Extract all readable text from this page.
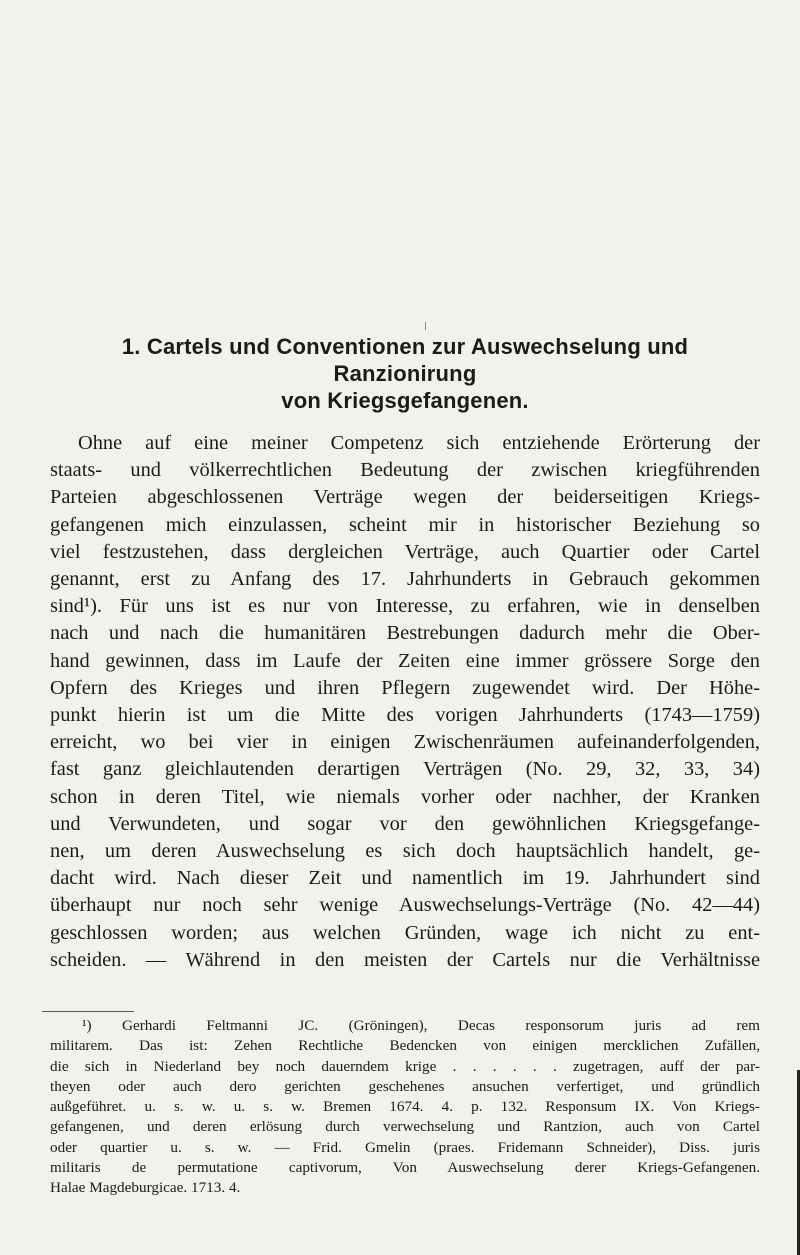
1. Cartels und Conventionen zur Auswechselung und Ranzionirung
von Kriegsgefangenen.
Ohne auf eine meiner Competenz sich entziehende Erörterung der
staats- und völkerrechtlichen Bedeutung der zwischen kriegführenden
Parteien abgeschlossenen Verträge wegen der beiderseitigen Kriegs-
gefangenen mich einzulassen, scheint mir in historischer Beziehung so
viel festzustehen, dass dergleichen Verträge, auch Quartier oder Cartel
genannt, erst zu Anfang des 17. Jahrhunderts in Gebrauch gekommen
sind¹). Für uns ist es nur von Interesse, zu erfahren, wie in denselben
nach und nach die humanitären Bestrebungen dadurch mehr die Ober-
hand gewinnen, dass im Laufe der Zeiten eine immer grössere Sorge den
Opfern des Krieges und ihren Pflegern zugewendet wird. Der Höhe-
punkt hierin ist um die Mitte des vorigen Jahrhunderts (1743—1759)
erreicht, wo bei vier in einigen Zwischenräumen aufeinanderfolgenden,
fast ganz gleichlautenden derartigen Verträgen (No. 29, 32, 33, 34)
schon in deren Titel, wie niemals vorher oder nachher, der Kranken
und Verwundeten, und sogar vor den gewöhnlichen Kriegsgefange-
nen, um deren Auswechselung es sich doch hauptsächlich handelt, ge-
dacht wird. Nach dieser Zeit und namentlich im 19. Jahrhundert sind
überhaupt nur noch sehr wenige Auswechselungs-Verträge (No. 42—44)
geschlossen worden; aus welchen Gründen, wage ich nicht zu ent-
scheiden. — Während in den meisten der Cartels nur die Verhältnisse
¹) Gerhardi Feltmanni JC. (Gröningen), Decas responsorum juris ad rem
militarem. Das ist: Zehen Rechtliche Bedencken von einigen mercklichen Zufällen,
die sich in Niederland bey noch dauerndem krige . . . . . . zugetragen, auff der par-
theyen oder auch dero gerichten geschehenes ansuchen verfertiget, und gründlich
außgeführet. u. s. w. u. s. w. Bremen 1674. 4. p. 132. Responsum IX. Von Kriegs-
gefangenen, und deren erlösung durch verwechselung und Rantzion, auch von Cartel
oder quartier u. s. w. — Frid. Gmelin (praes. Fridemann Schneider), Diss. juris
militaris de permutatione captivorum, Von Auswechselung derer Kriegs-Gefangenen.
Halae Magdeburgicae. 1713. 4.
